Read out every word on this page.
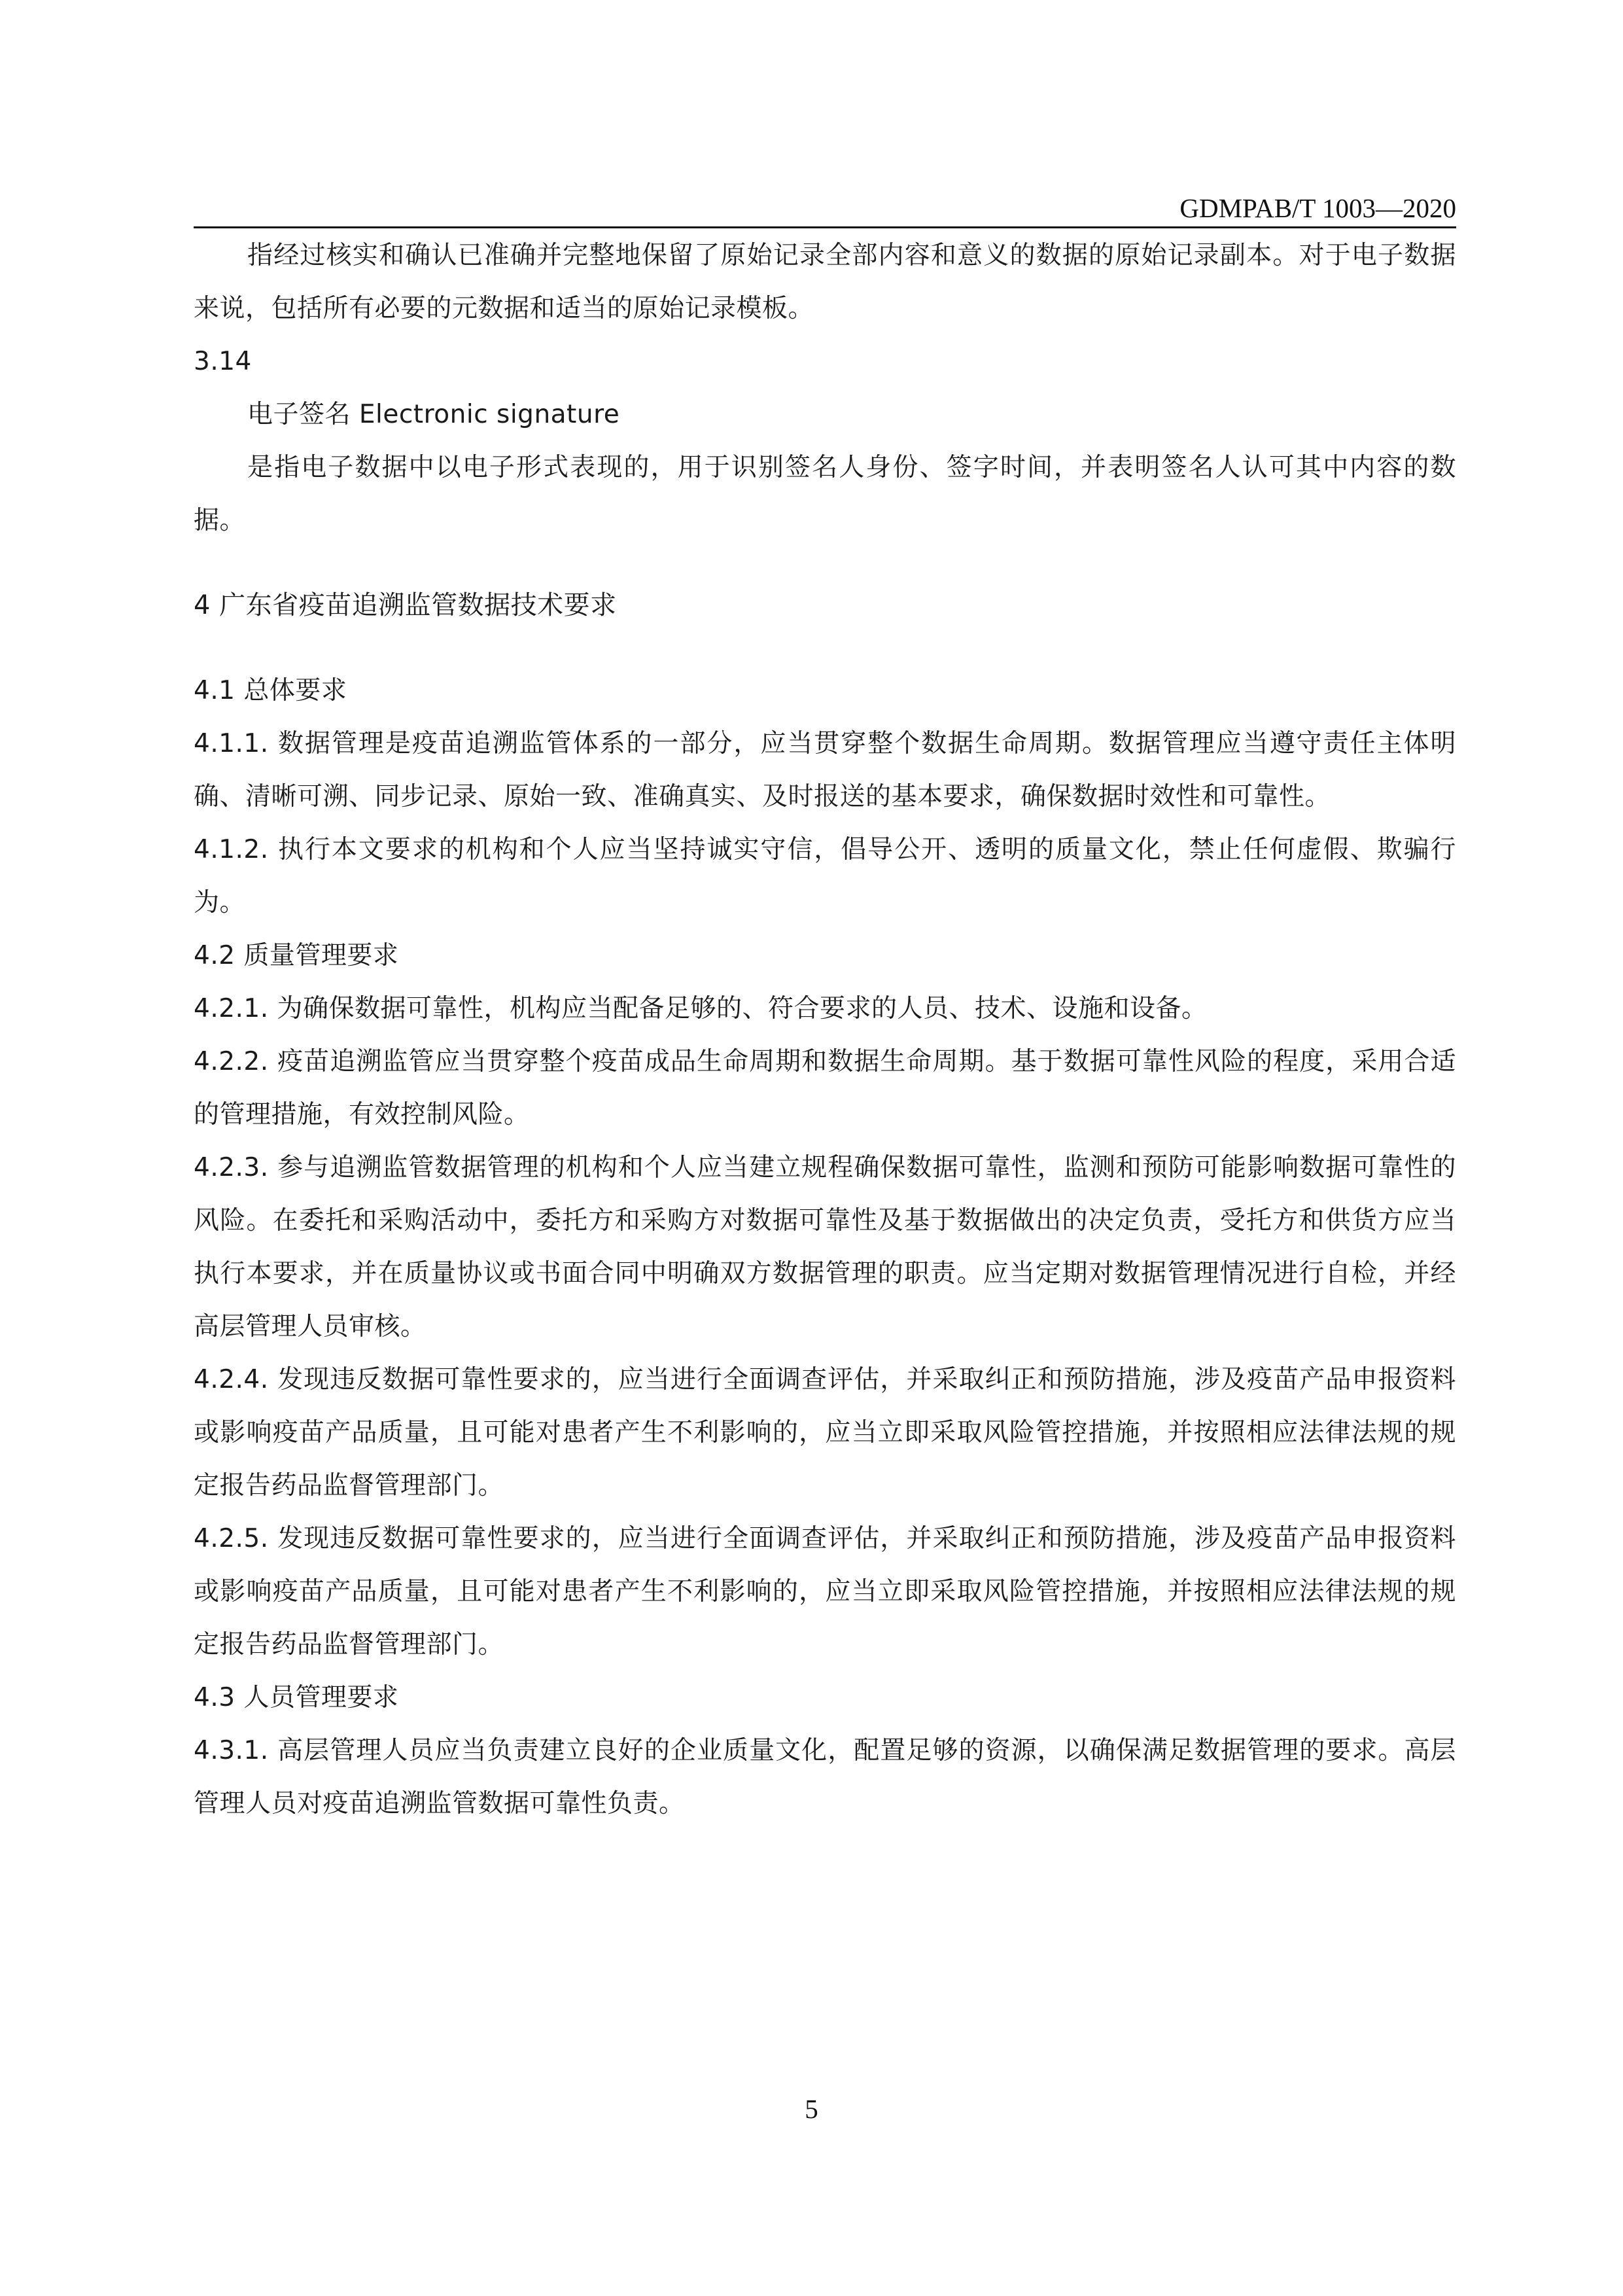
GDMPAB/T 1003—2020

指经过核实和确认已准确并完整地保留了原始记录全部内容和意义的数据的原始记录副本。对于电子数据来说，包括所有必要的元数据和适当的原始记录模板。

3.14

电子签名 Electronic signature

是指电子数据中以电子形式表现的，用于识别签名人身份、签字时间，并表明签名人认可其中内容的数据。

4 广东省疫苗追溯监管数据技术要求

4.1 总体要求

4.1.1. 数据管理是疫苗追溯监管体系的一部分，应当贯穿整个数据生命周期。数据管理应当遵守责任主体明确、清晰可溯、同步记录、原始一致、准确真实、及时报送的基本要求，确保数据时效性和可靠性。

4.1.2. 执行本文要求的机构和个人应当坚持诚实守信，倡导公开、透明的质量文化，禁止任何虚假、欺骗行为。

4.2 质量管理要求

4.2.1. 为确保数据可靠性，机构应当配备足够的、符合要求的人员、技术、设施和设备。

4.2.2. 疫苗追溯监管应当贯穿整个疫苗成品生命周期和数据生命周期。基于数据可靠性风险的程度，采用合适的管理措施，有效控制风险。

4.2.3. 参与追溯监管数据管理的机构和个人应当建立规程确保数据可靠性，监测和预防可能影响数据可靠性的风险。在委托和采购活动中，委托方和采购方对数据可靠性及基于数据做出的决定负责，受托方和供货方应当执行本要求，并在质量协议或书面合同中明确双方数据管理的职责。应当定期对数据管理情况进行自检，并经高层管理人员审核。

4.2.4. 发现违反数据可靠性要求的，应当进行全面调查评估，并采取纠正和预防措施，涉及疫苗产品申报资料或影响疫苗产品质量，且可能对患者产生不利影响的，应当立即采取风险管控措施，并按照相应法律法规的规定报告药品监督管理部门。

4.2.5. 发现违反数据可靠性要求的，应当进行全面调查评估，并采取纠正和预防措施，涉及疫苗产品申报资料或影响疫苗产品质量，且可能对患者产生不利影响的，应当立即采取风险管控措施，并按照相应法律法规的规定报告药品监督管理部门。

4.3 人员管理要求

4.3.1. 高层管理人员应当负责建立良好的企业质量文化，配置足够的资源，以确保满足数据管理的要求。高层管理人员对疫苗追溯监管数据可靠性负责。

5
